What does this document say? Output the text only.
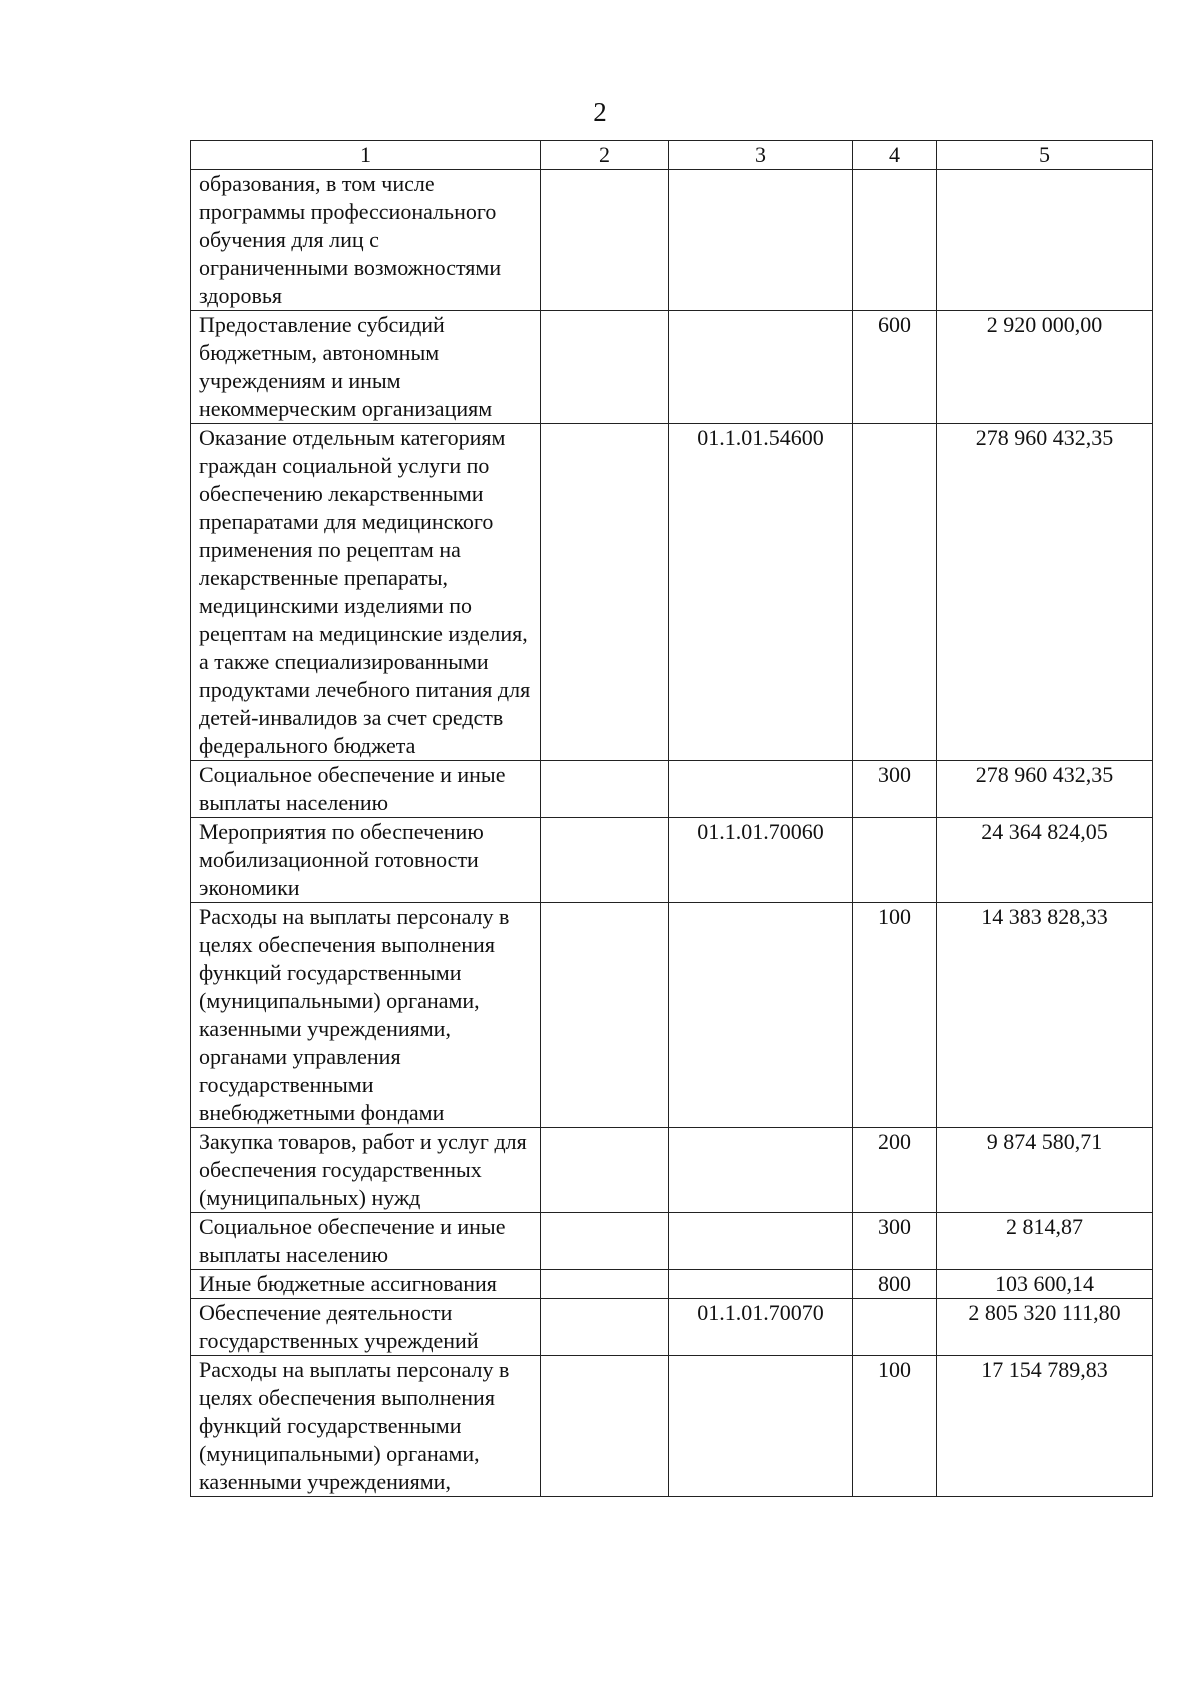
2
1	2	3	4	5
образования, в том числе программы профессионального обучения для лиц с ограниченными возможностями здоровья				
Предоставление субсидий бюджетным, автономным учреждениям и иным некоммерческим организациям			600	2 920 000,00
Оказание отдельным категориям граждан социальной услуги по обеспечению лекарственными препаратами для медицинского применения по рецептам на лекарственные препараты, медицинскими изделиями по рецептам на медицинские изделия, а также специализированными продуктами лечебного питания для детей-инвалидов за счет средств федерального бюджета		01.1.01.54600		278 960 432,35
Социальное обеспечение и иные выплаты населению			300	278 960 432,35
Мероприятия по обеспечению мобилизационной готовности экономики		01.1.01.70060		24 364 824,05
Расходы на выплаты персоналу в целях обеспечения выполнения функций государственными (муниципальными) органами, казенными учреждениями, органами управления государственными внебюджетными фондами			100	14 383 828,33
Закупка товаров, работ и услуг для обеспечения государственных (муниципальных) нужд			200	9 874 580,71
Социальное обеспечение и иные выплаты населению			300	2 814,87
Иные бюджетные ассигнования			800	103 600,14
Обеспечение деятельности государственных учреждений		01.1.01.70070		2 805 320 111,80
Расходы на выплаты персоналу в целях обеспечения выполнения функций государственными (муниципальными) органами, казенными учреждениями,			100	17 154 789,83
